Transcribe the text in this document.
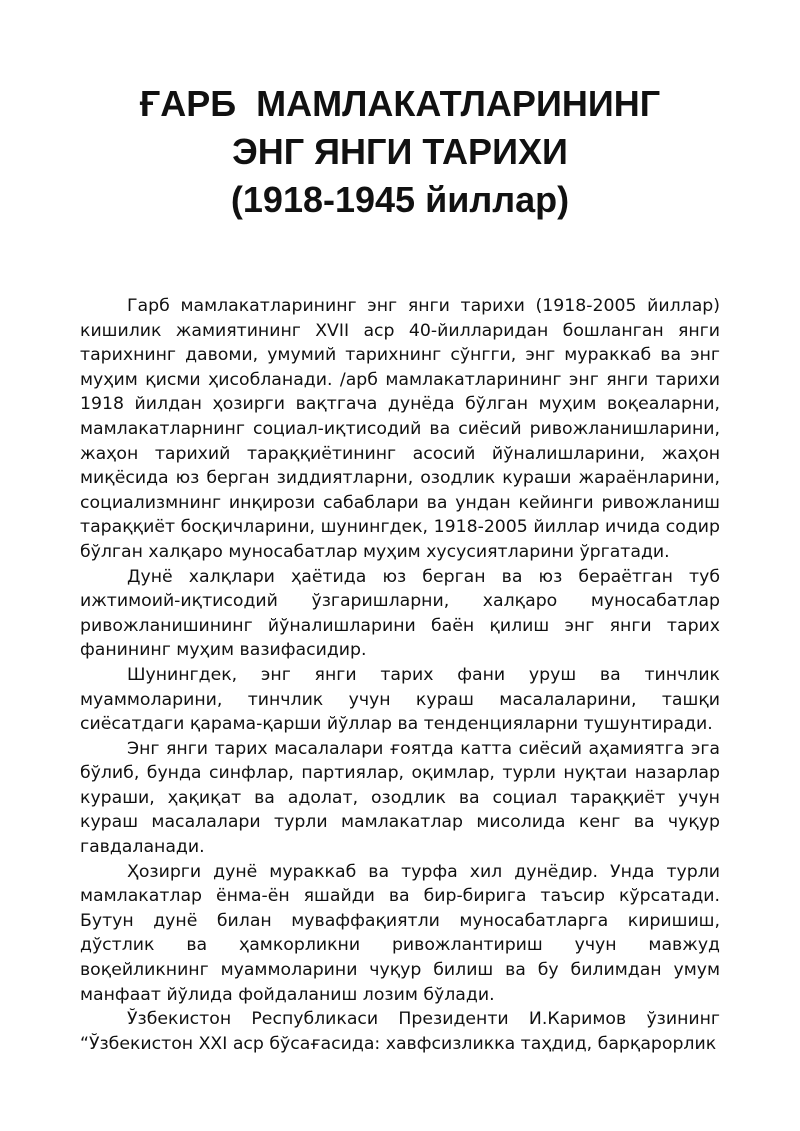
ҒАРБ  МАМЛАКАТЛАРИНИНГ
ЭНГ ЯНГИ ТАРИХИ
(1918-1945 йиллар)

Гарб мамлакатларининг энг янги тарихи (1918-2005 йиллар) кишилик жамиятининг XVII аср 40-йилларидан бошланган янги тарихнинг давоми, умумий тарихнинг сўнгги, энг мураккаб ва энг муҳим қисми ҳисобланади. /арб мамлакатларининг энг янги тарихи 1918 йилдан ҳозирги вақтгача дунёда бўлган муҳим воқеаларни, мамлакатларнинг социал-иқтисодий ва сиёсий ривожланишларини, жаҳон тарихий тараққиётининг асосий йўналишларини, жаҳон миқёсида юз берган зиддиятларни, озодлик кураши жараёнларини, социализмнинг инқирози сабаблари ва ундан кейинги ривожланиш тараққиёт босқичларини, шунингдек, 1918-2005 йиллар ичида содир бўлган халқаро муносабатлар муҳим хусусиятларини ўргатади.

Дунё халқлари ҳаётида юз берган ва юз бераётган туб ижтимоий-иқтисодий ўзгаришларни, халқаро муносабатлар ривожланишининг йўналишларини баён қилиш энг янги тарих фанининг муҳим вазифасидир.

Шунингдек, энг янги тарих фани уруш ва тинчлик муаммоларини, тинчлик учун кураш масалаларини, ташқи сиёсатдаги қарама-қарши йўллар ва тенденцияларни тушунтиради.

Энг янги тарих масалалари ғоятда катта сиёсий аҳамиятга эга бўлиб, бунда синфлар, партиялар, оқимлар, турли нуқтаи назарлар кураши, ҳақиқат ва адолат, озодлик ва социал тараққиёт учун кураш масалалари турли мамлакатлар мисолида кенг ва чуқур гавдаланади.

Ҳозирги дунё мураккаб ва турфа хил дунёдир. Унда турли мамлакатлар ёнма-ён яшайди ва бир-бирига таъсир кўрсатади. Бутун дунё билан муваффақиятли муносабатларга киришиш, дўстлик ва ҳамкорликни ривожлантириш учун мавжуд воқейликнинг муаммоларини чуқур билиш ва бу билимдан умум манфаат йўлида фойдаланиш лозим бўлади.

Ўзбекистон Республикаси Президенти И.Каримов ўзининг “Ўзбекистон XXI аср бўсағасида: хавфсизликка таҳдид, барқарорлик
